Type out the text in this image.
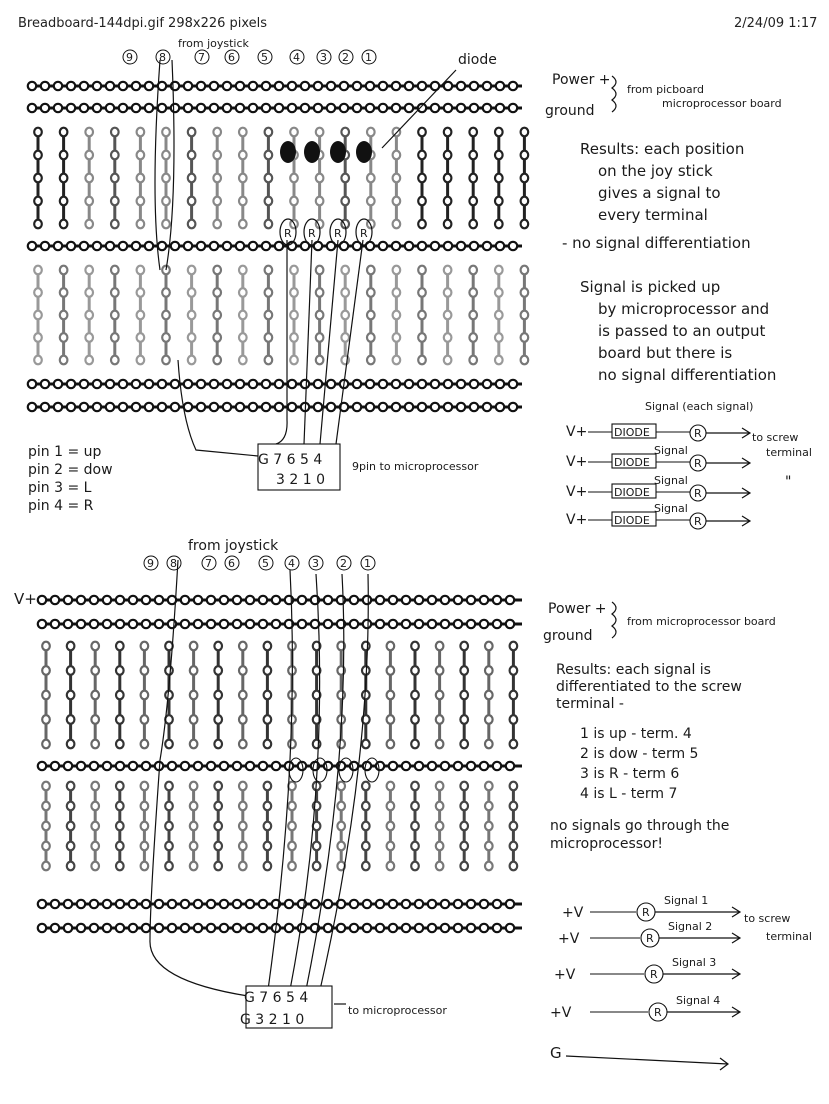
Breadboard-144dpi.gif 298x226 pixels	2/24/09 1:17
R R R R
9 8	7 6 5 4 3 2 1
from joystick
diode
Power +
ground
from picboard
microprocessor board
Results: each position
on the joy stick
gives a signal to
every terminal
- no signal differentiation
Signal is picked up
by microprocessor and
is passed to an output
board but there is
no signal differentiation
G 7 6 5 4
3 2 1 0
9pin to microprocessor
pin 1 = up
pin 2 = dow
pin 3 = L
pin 4 = R
Signal (each signal)
V+ DIODE	R
V+ DIODE	R
Signal
V+ DIODE	R
Signal
V+ DIODE	R
Signal
to screw
terminal
"
9 8	7 6 5 4 3 2 1
from joystick
V+
Power +
ground
from microprocessor board
Results: each signal is
differentiated to the screw
terminal -
1 is up - term. 4
2 is dow - term 5
3 is R - term 6
4 is L - term 7
no signals go through the
microprocessor!
G 7 6 5 4
G 3 2 1 0
to microprocessor
+V	R
Signal 1
+V	R
Signal 2
+V	R
Signal 3
+V	R
Signal 4
to screw
terminal
G
